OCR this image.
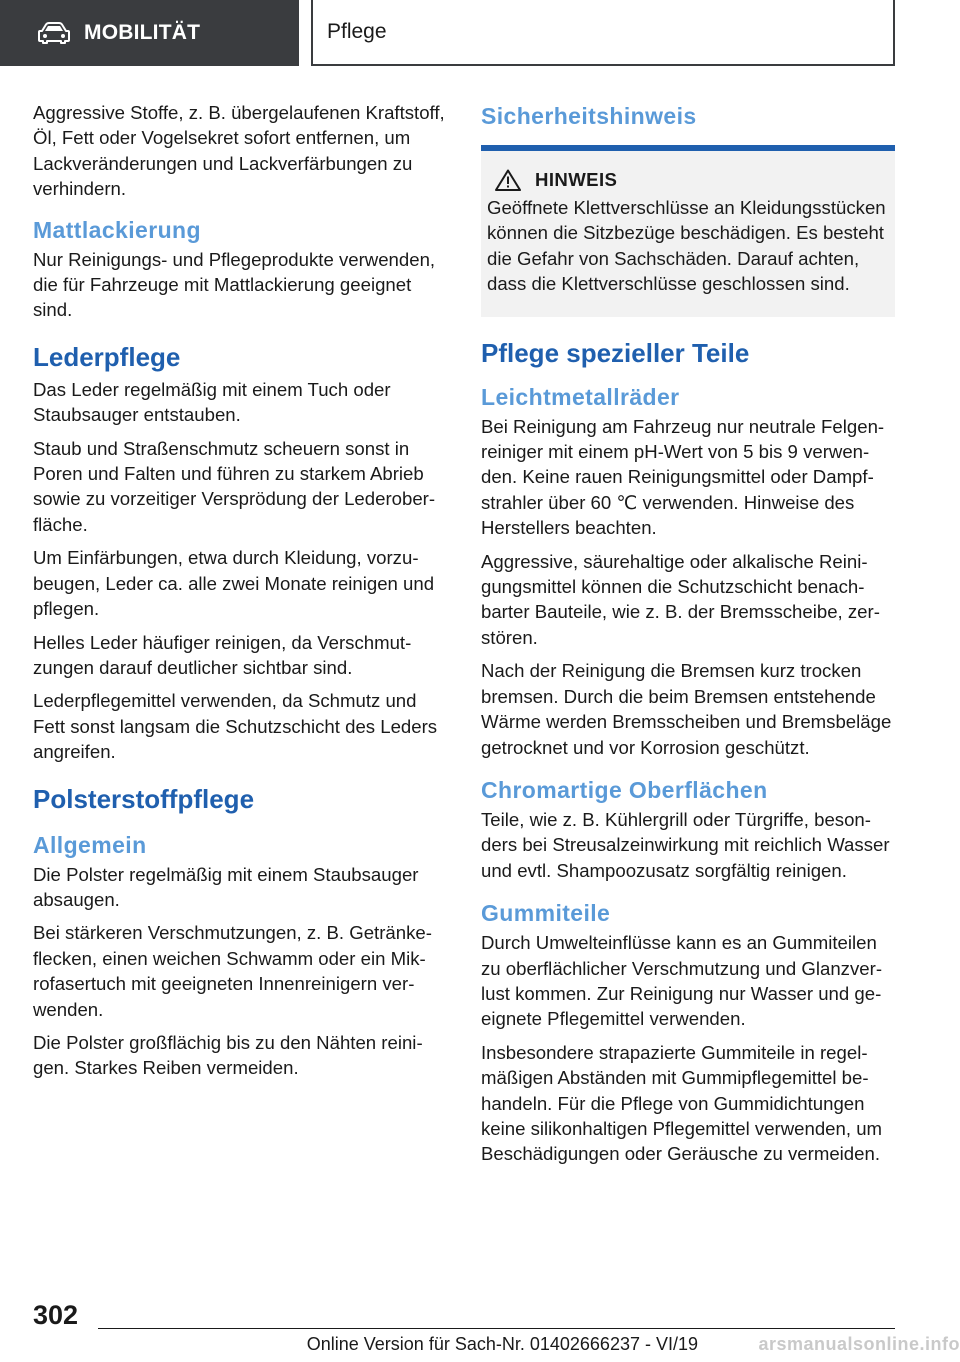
MOBILITÄT	Pflege

Aggressive Stoffe, z. B. übergelaufenen Kraftstoff, Öl, Fett oder Vogelsekret sofort entfernen, um Lackveränderungen und Lackverfärbungen zu verhindern.

Mattlackierung

Nur Reinigungs- und Pflegeprodukte verwenden, die für Fahrzeuge mit Mattlackierung geeignet sind.

Lederpflege

Das Leder regelmäßig mit einem Tuch oder Staubsauger entstauben.

Staub und Straßenschmutz scheuern sonst in Poren und Falten und führen zu starkem Abrieb sowie zu vorzeitiger Versprödung der Lederoberfläche.

Um Einfärbungen, etwa durch Kleidung, vorzubeugen, Leder ca. alle zwei Monate reinigen und pflegen.

Helles Leder häufiger reinigen, da Verschmutzungen darauf deutlicher sichtbar sind.

Lederpflegemittel verwenden, da Schmutz und Fett sonst langsam die Schutzschicht des Leders angreifen.

Polsterstoffpflege
Allgemein

Die Polster regelmäßig mit einem Staubsauger absaugen.

Bei stärkeren Verschmutzungen, z. B. Getränkeflecken, einen weichen Schwamm oder ein Mikrofasertuch mit geeigneten Innenreinigern verwenden.

Die Polster großflächig bis zu den Nähten reinigen. Starkes Reiben vermeiden.

Sicherheitshinweis
HINWEIS

Geöffnete Klettverschlüsse an Kleidungsstücken können die Sitzbezüge beschädigen. Es besteht die Gefahr von Sachschäden. Darauf achten, dass die Klettverschlüsse geschlossen sind.

Pflege spezieller Teile
Leichtmetallräder

Bei Reinigung am Fahrzeug nur neutrale Felgenreiniger mit einem pH-Wert von 5 bis 9 verwenden. Keine rauen Reinigungsmittel oder Dampfstrahler über 60 ℃ verwenden. Hinweise des Herstellers beachten.

Aggressive, säurehaltige oder alkalische Reinigungsmittel können die Schutzschicht benachbarter Bauteile, wie z. B. der Bremsscheibe, zerstören.

Nach der Reinigung die Bremsen kurz trocken bremsen. Durch die beim Bremsen entstehende Wärme werden Bremsscheiben und Bremsbeläge getrocknet und vor Korrosion geschützt.

Chromartige Oberflächen

Teile, wie z. B. Kühlergrill oder Türgriffe, besonders bei Streusalzeinwirkung mit reichlich Wasser und evtl. Shampoozusatz sorgfältig reinigen.

Gummiteile

Durch Umwelteinflüsse kann es an Gummiteilen zu oberflächlicher Verschmutzung und Glanzverlust kommen. Zur Reinigung nur Wasser und geeignete Pflegemittel verwenden.

Insbesondere strapazierte Gummiteile in regelmäßigen Abständen mit Gummipflegemittel behandeln. Für die Pflege von Gummidichtungen keine silikonhaltigen Pflegemittel verwenden, um Beschädigungen oder Geräusche zu vermeiden.

302
Online Version für Sach-Nr. 01402666237 - VI/19	arsmanualsonline.info
